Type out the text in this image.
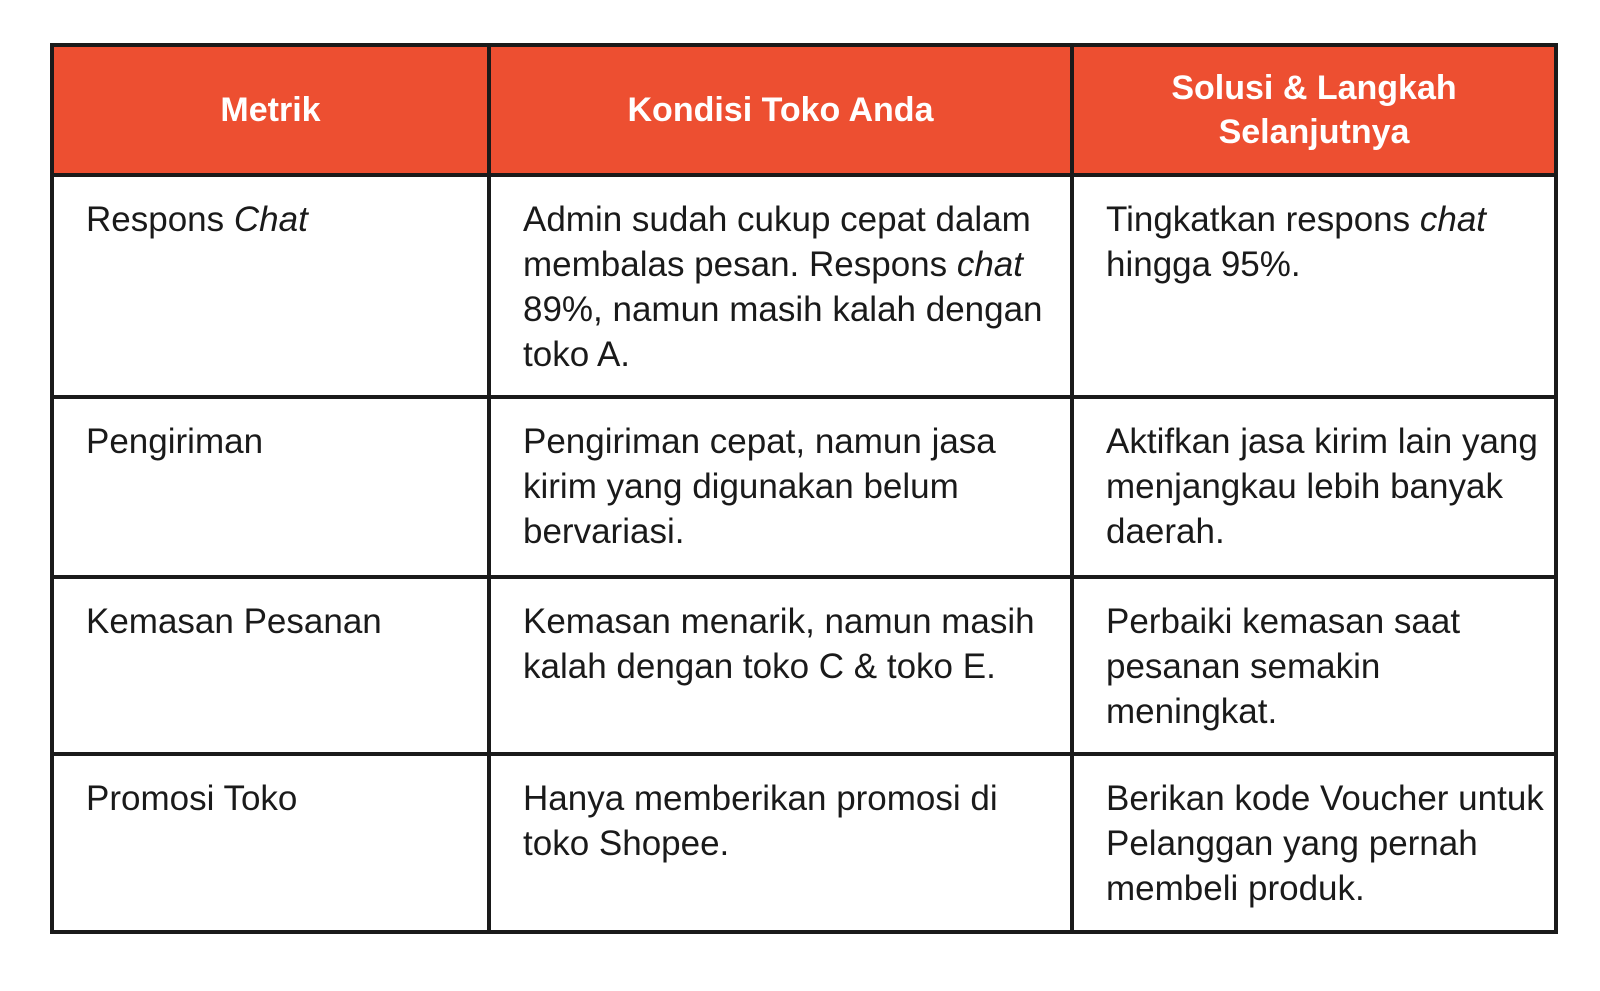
Metrik	Kondisi Toko Anda	Solusi & Langkah Selanjutnya
Respons Chat	Admin sudah cukup cepat dalam membalas pesan. Respons chat 89%, namun masih kalah dengan toko A.	Tingkatkan respons chat hingga 95%.
Pengiriman	Pengiriman cepat, namun jasa kirim yang digunakan belum bervariasi.	Aktifkan jasa kirim lain yang menjangkau lebih banyak daerah.
Kemasan Pesanan	Kemasan menarik, namun masih kalah dengan toko C & toko E.	Perbaiki kemasan saat pesanan semakin meningkat.
Promosi Toko	Hanya memberikan promosi di toko Shopee.	Berikan kode Voucher untuk Pelanggan yang pernah membeli produk.
